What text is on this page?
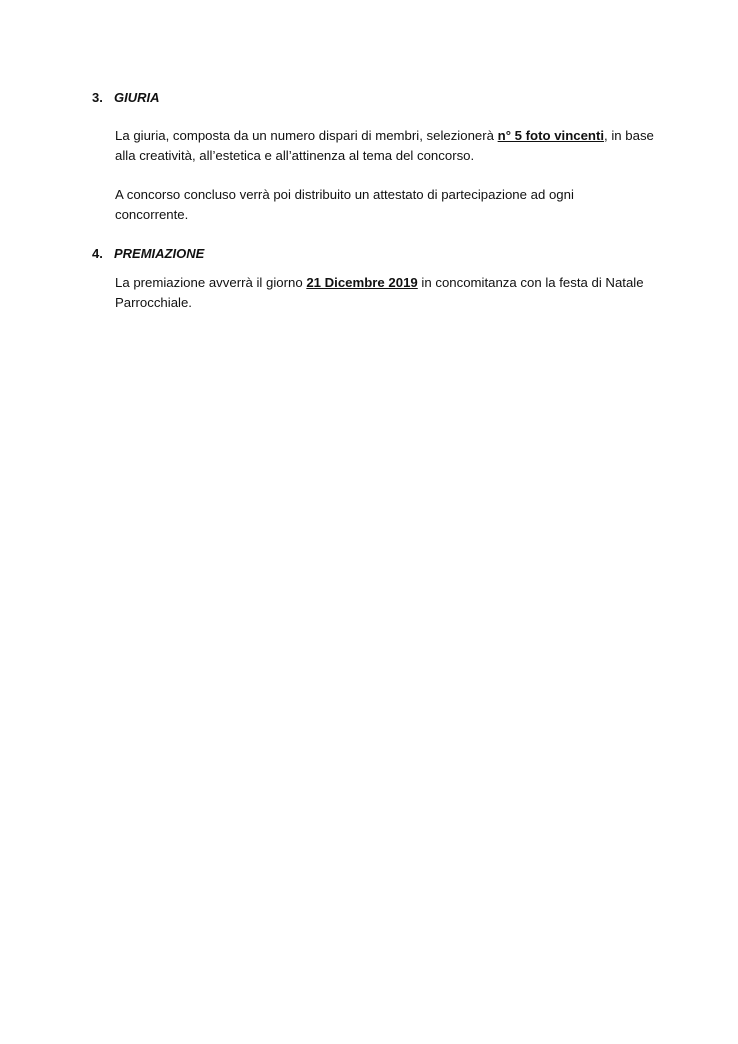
3. GIURIA
La giuria, composta da un numero dispari di membri, selezionerà n° 5 foto vincenti, in base
alla creatività, all’estetica e all’attinenza al tema del concorso.
A concorso concluso verrà poi distribuito un attestato di partecipazione ad ogni
concorrente.
4. PREMIAZIONE
La premiazione avverrà il giorno 21 Dicembre 2019 in concomitanza con la festa di Natale
Parrocchiale.
